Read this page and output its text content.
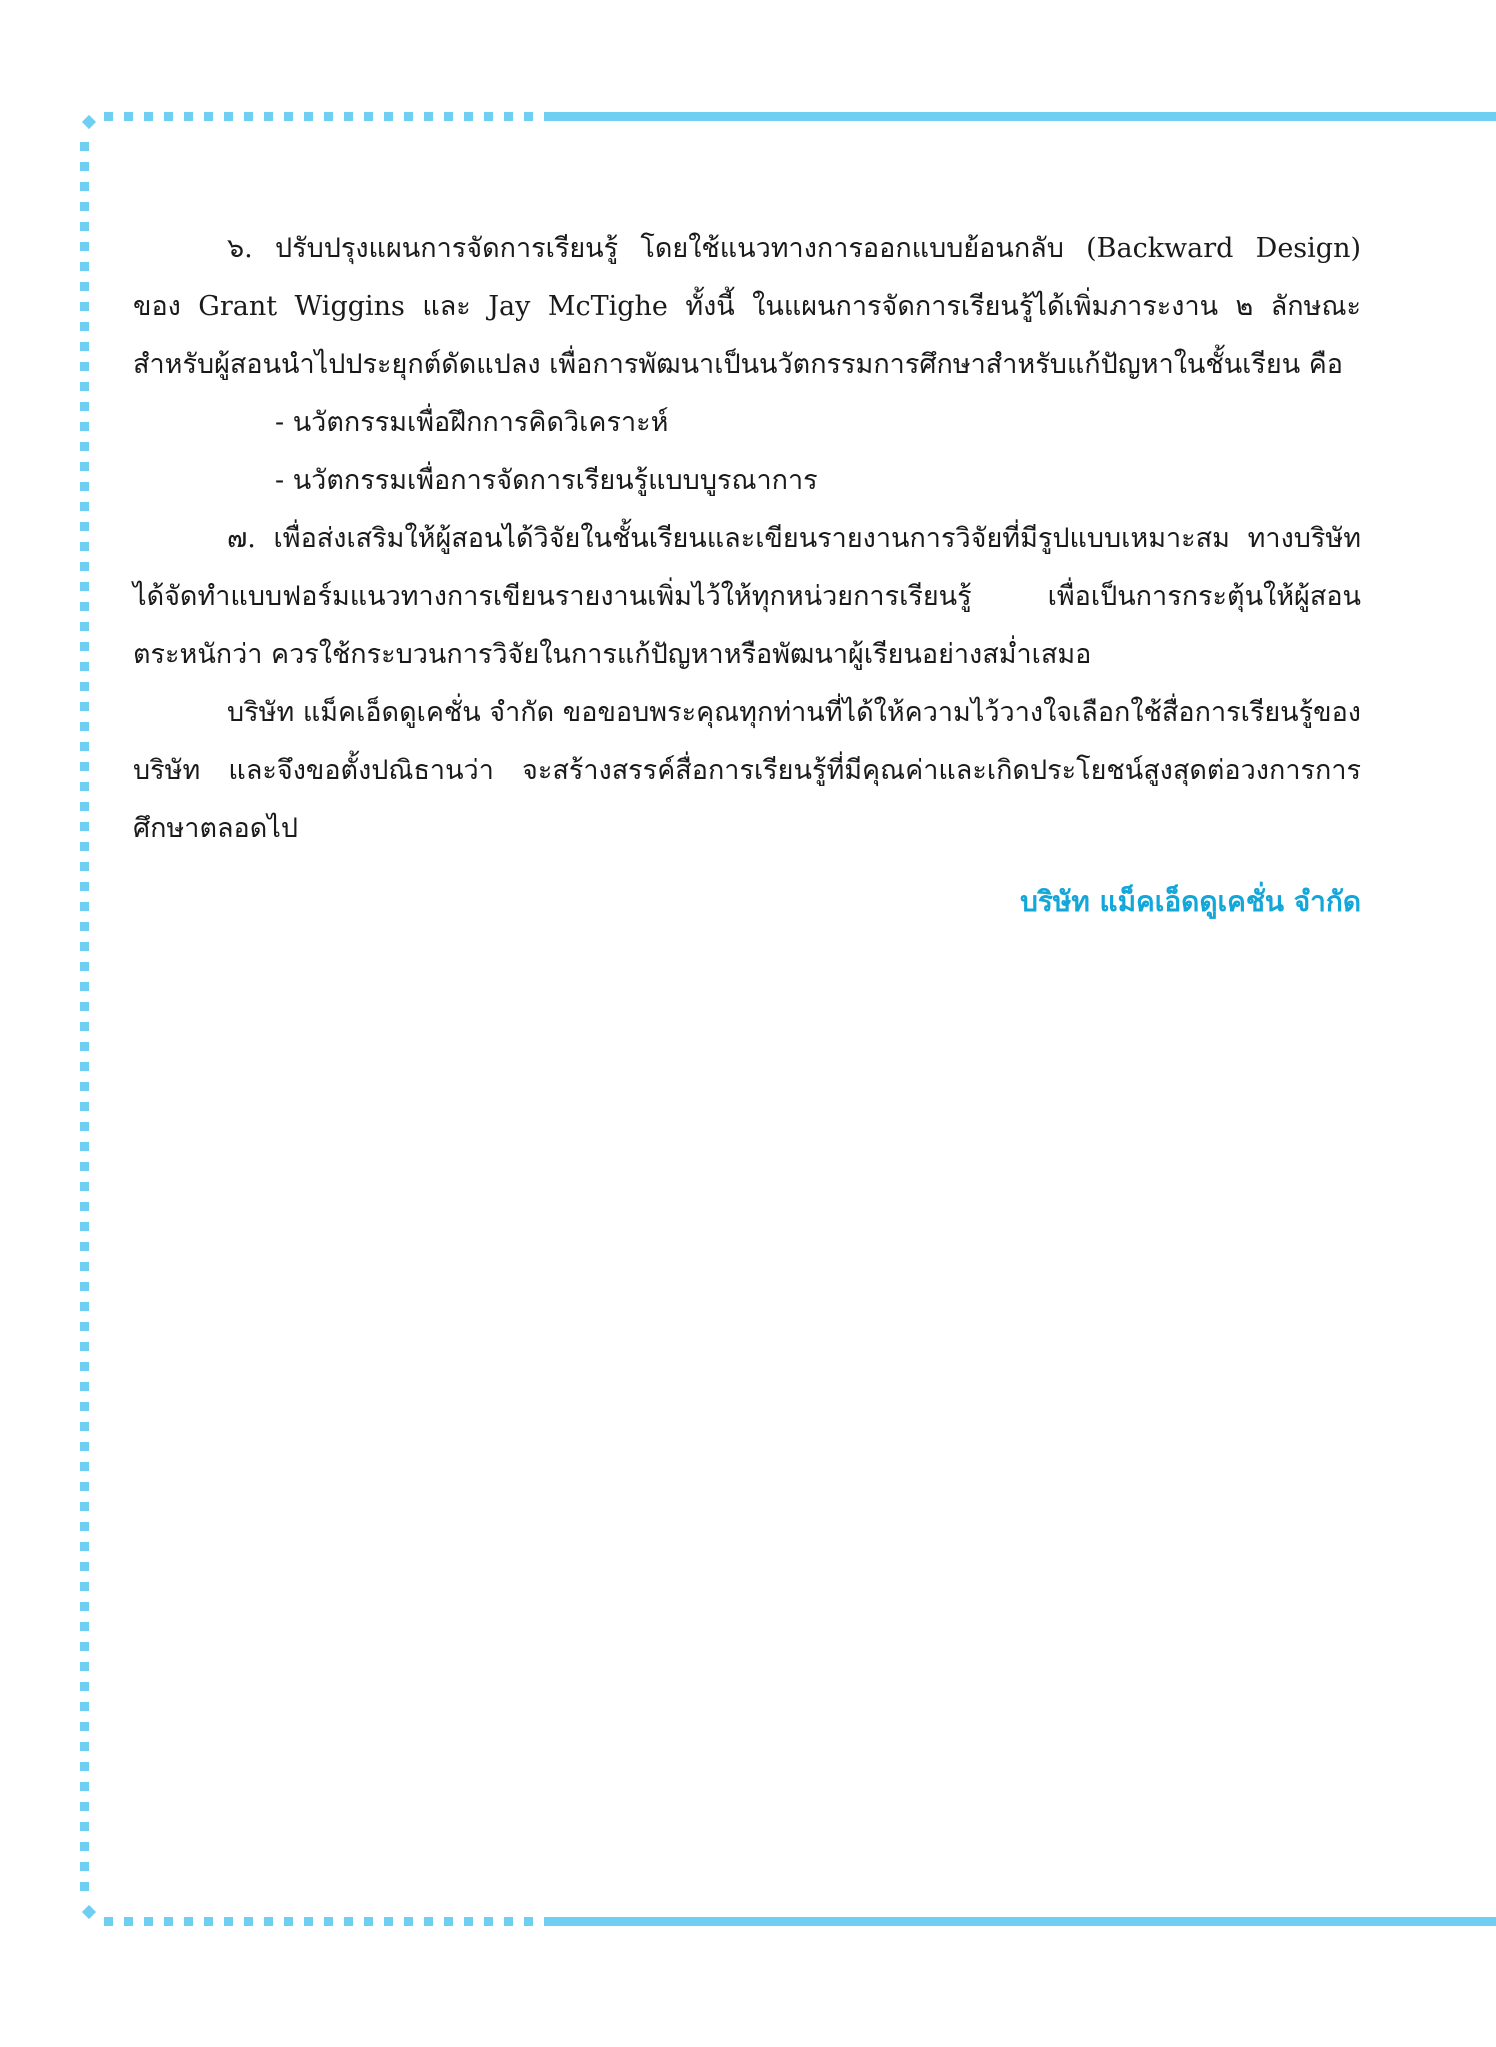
๖. ปรับปรุงแผนการจัดการเรียนรู้ โดยใช้แนวทางการออกแบบย้อนกลับ (Backward Design) ของ Grant Wiggins และ Jay McTighe ทั้งนี้ ในแผนการจัดการเรียนรู้ได้เพิ่มภาระงาน ๒ ลักษณะ สำหรับผู้สอนนำไปประยุกต์ดัดแปลง เพื่อการพัฒนาเป็นนวัตกรรมการศึกษาสำหรับแก้ปัญหาในชั้นเรียน คือ

- นวัตกรรมเพื่อฝึกการคิดวิเคราะห์

- นวัตกรรมเพื่อการจัดการเรียนรู้แบบบูรณาการ

๗. เพื่อส่งเสริมให้ผู้สอนได้วิจัยในชั้นเรียนและเขียนรายงานการวิจัยที่มีรูปแบบเหมาะสม ทางบริษัทได้จัดทำแบบฟอร์มแนวทางการเขียนรายงานเพิ่มไว้ให้ทุกหน่วยการเรียนรู้ เพื่อเป็นการกระตุ้นให้ผู้สอนตระหนักว่า ควรใช้กระบวนการวิจัยในการแก้ปัญหาหรือพัฒนาผู้เรียนอย่างสม่ำเสมอ

บริษัท แม็คเอ็ดดูเคชั่น จำกัด ขอขอบพระคุณทุกท่านที่ได้ให้ความไว้วางใจเลือกใช้สื่อการเรียนรู้ของบริษัท และจึงขอตั้งปณิธานว่า จะสร้างสรรค์สื่อการเรียนรู้ที่มีคุณค่าและเกิดประโยชน์สูงสุดต่อวงการการศึกษาตลอดไป

บริษัท แม็คเอ็ดดูเคชั่น จำกัด
